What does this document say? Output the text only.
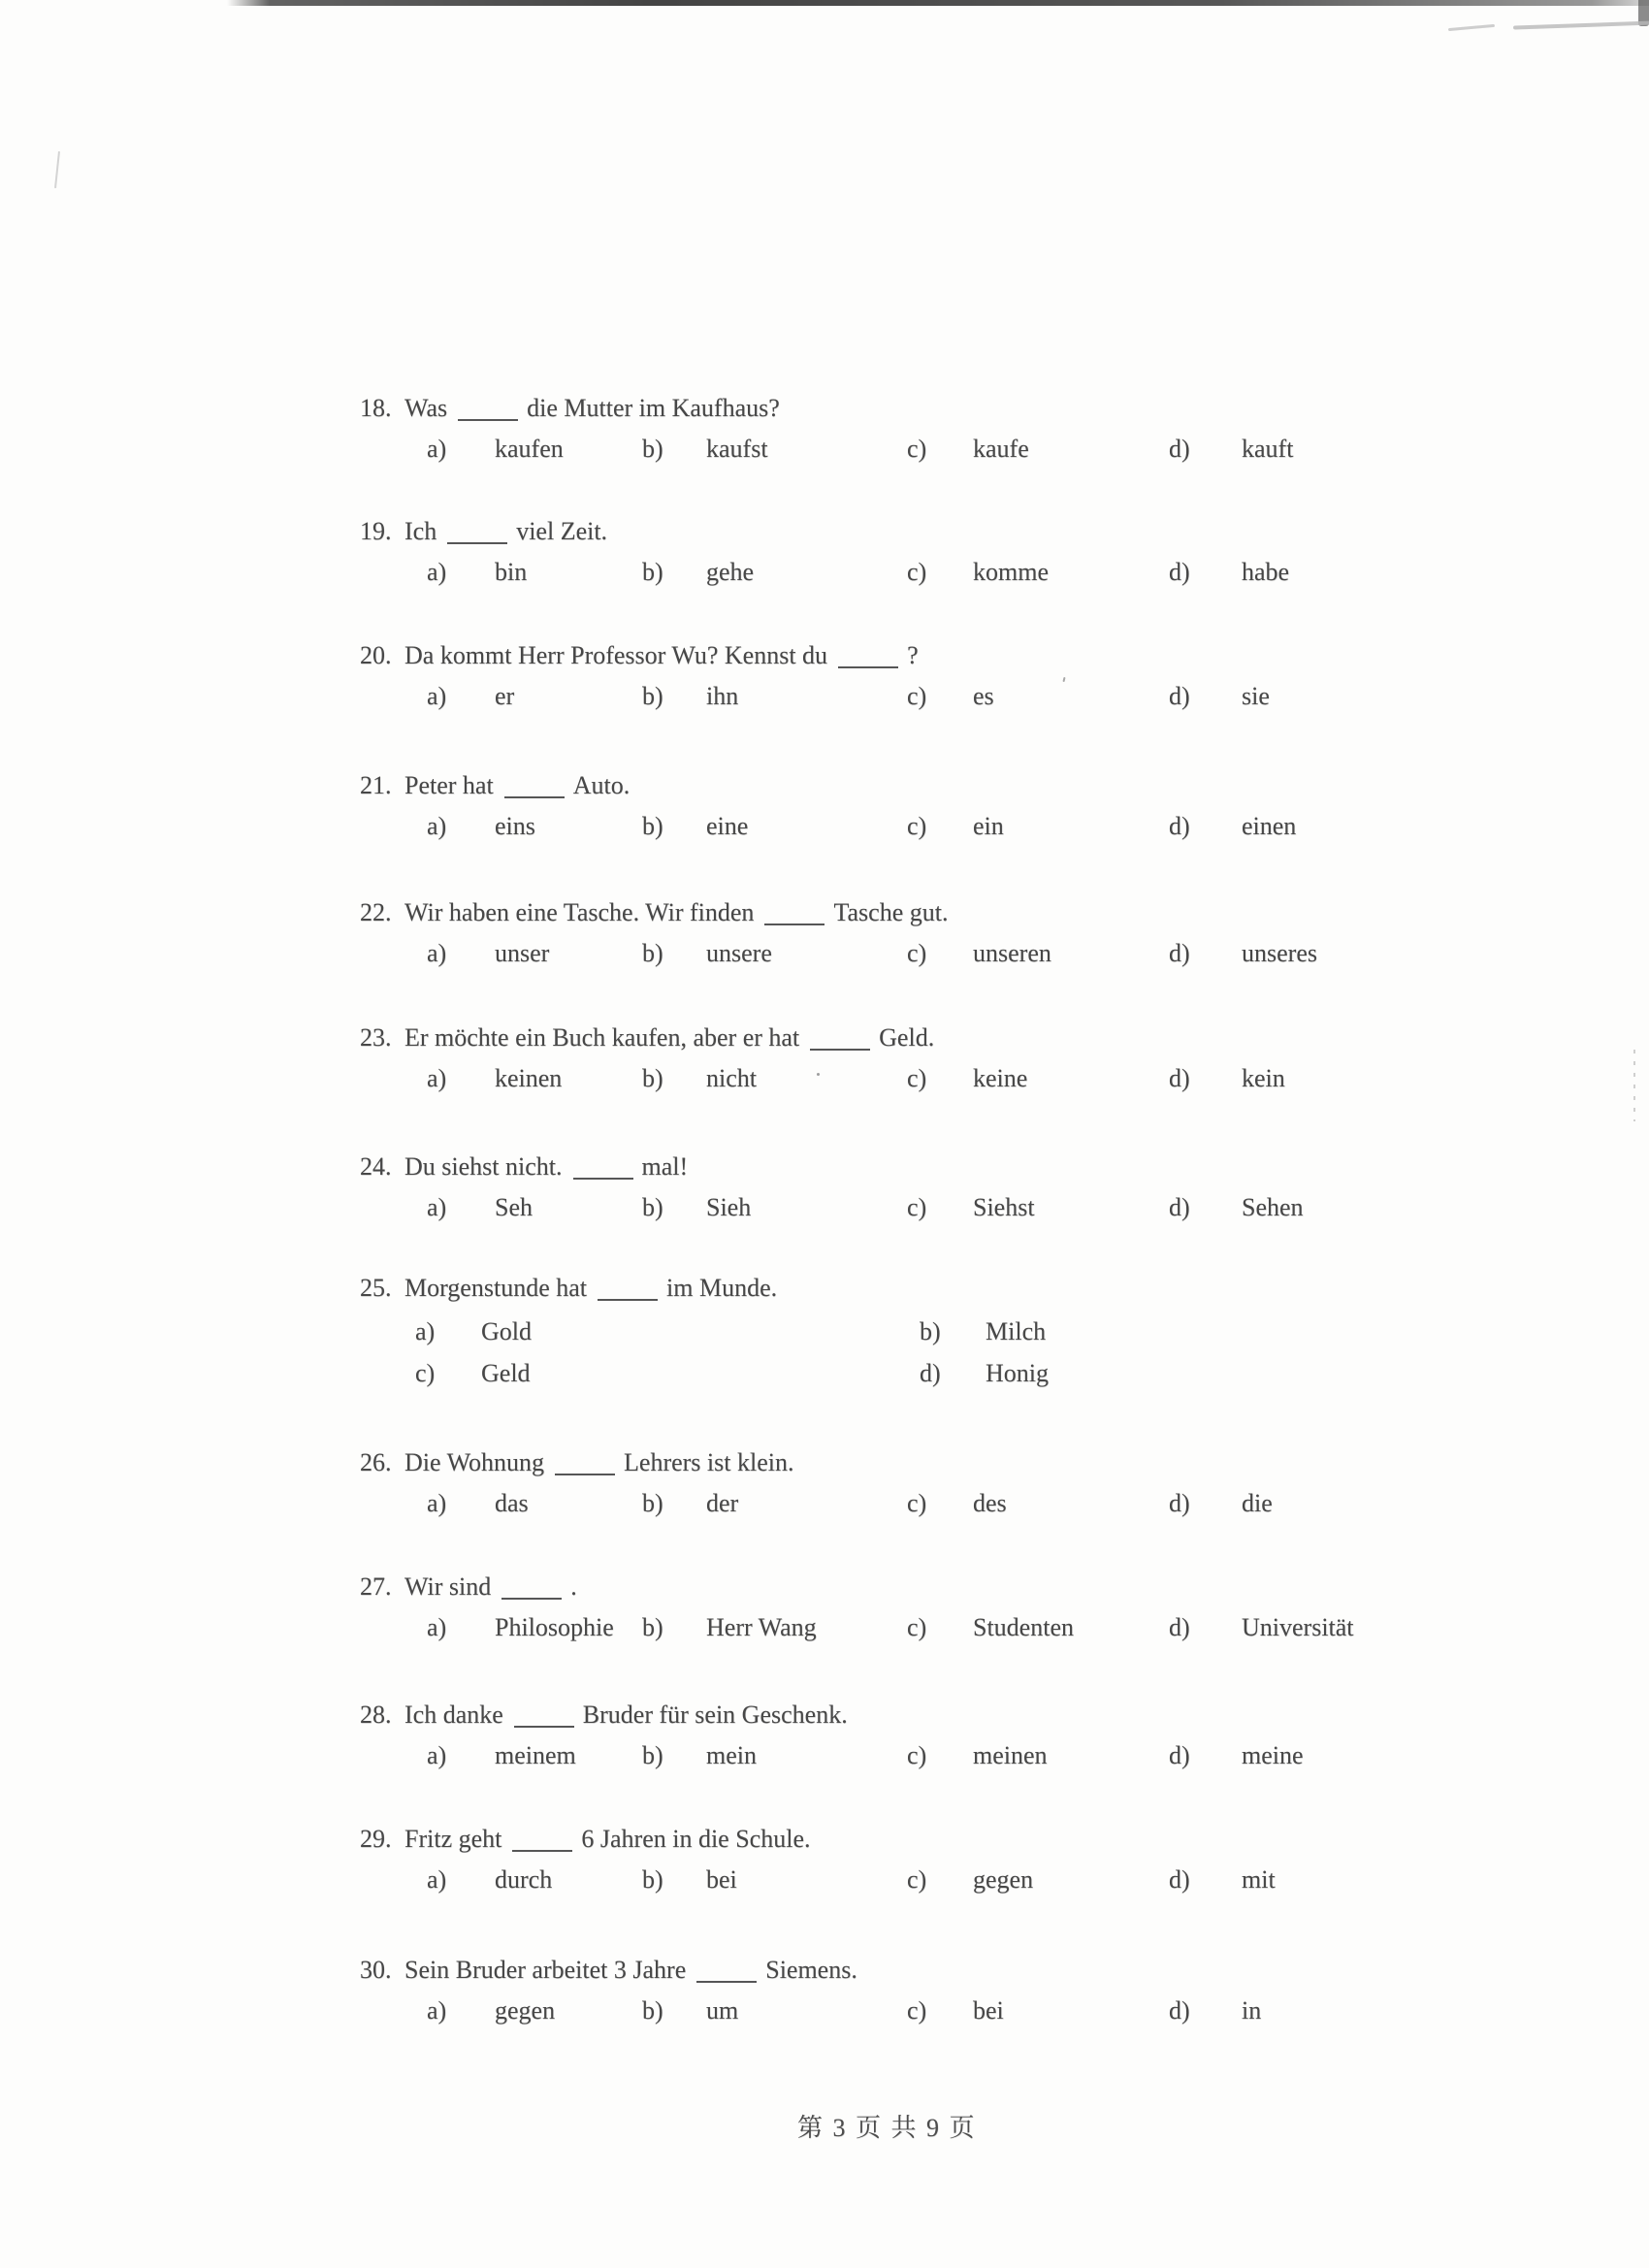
18. Was	die Mutter im Kaufhaus?
a) kaufen	b) kaufst	c) kaufe	d) kauft
19. Ich	viel Zeit.
a) bin	b) gehe	c) komme	d) habe
20. Da kommt Herr Professor Wu? Kennst du	?
a) er	b) ihn	c) es	d) sie
21. Peter hat	Auto.
a) eins	b) eine	c) ein	d) einen
22. Wir haben eine Tasche. Wir finden	Tasche gut.
a) unser	b) unsere	c) unseren	d) unseres
23. Er möchte ein Buch kaufen, aber er hat	Geld.
a) keinen	b) nicht	c) keine	d) kein
24. Du siehst nicht.	mal!
a) Seh	b) Sieh	c) Siehst	d) Sehen
25. Morgenstunde hat	im Munde.
a) Gold	b) Milch
c) Geld	d) Honig
26. Die Wohnung	Lehrers ist klein.
a) das	b) der	c) des	d) die
27. Wir sind	.
a) Philosophie b) Herr Wang	c) Studenten	d) Universität
28. Ich danke	Bruder für sein Geschenk.
a) meinem	b) mein	c) meinen	d) meine
29. Fritz geht	6 Jahren in die Schule.
a) durch	b) bei	c) gegen	d) mit
30. Sein Bruder arbeitet 3 Jahre	Siemens.
a) gegen	b) um	c) bei	d) in
第 3 页 共 9 页
